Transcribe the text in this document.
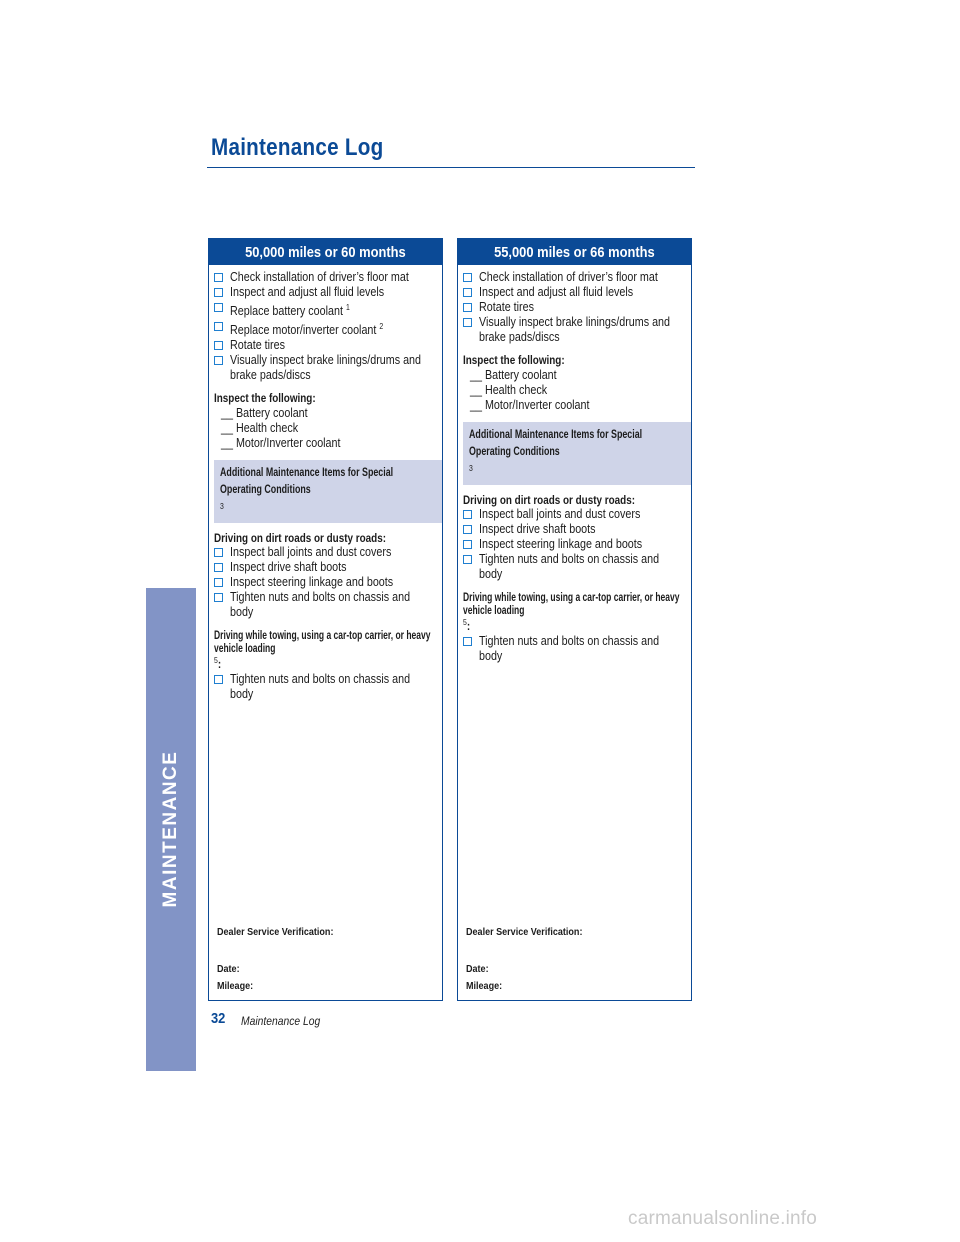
Maintenance Log
MAINTENANCE
50,000 miles or 60 months
Check installation of driver’s floor mat
Inspect and adjust all fluid levels
Replace battery coolant $^1$
Replace motor/inverter coolant $^2$
Rotate tires
Visually inspect brake linings/drums and brake pads/discs
Inspect the following:
__ Battery coolant
__ Health check
__ Motor/Inverter coolant
Additional Maintenance Items for Special Operating Conditions $^3$
Driving on dirt roads or dusty roads:
Inspect ball joints and dust covers
Inspect drive shaft boots
Inspect steering linkage and boots
Tighten nuts and bolts on chassis and body
Driving while towing, using a car-top carrier, or heavy vehicle loading$^5$:
Tighten nuts and bolts on chassis and body
Dealer Service Verification:
Date:
Mileage:
55,000 miles or 66 months
Check installation of driver’s floor mat
Inspect and adjust all fluid levels
Rotate tires
Visually inspect brake linings/drums and brake pads/discs
Inspect the following:
__ Battery coolant
__ Health check
__ Motor/Inverter coolant
Additional Maintenance Items for Special Operating Conditions $^3$
Driving on dirt roads or dusty roads:
Inspect ball joints and dust covers
Inspect drive shaft boots
Inspect steering linkage and boots
Tighten nuts and bolts on chassis and body
Driving while towing, using a car-top carrier, or heavy vehicle loading$^5$:
Tighten nuts and bolts on chassis and body
Dealer Service Verification:
Date:
Mileage:
32 Maintenance Log
carmanualsonline.info
